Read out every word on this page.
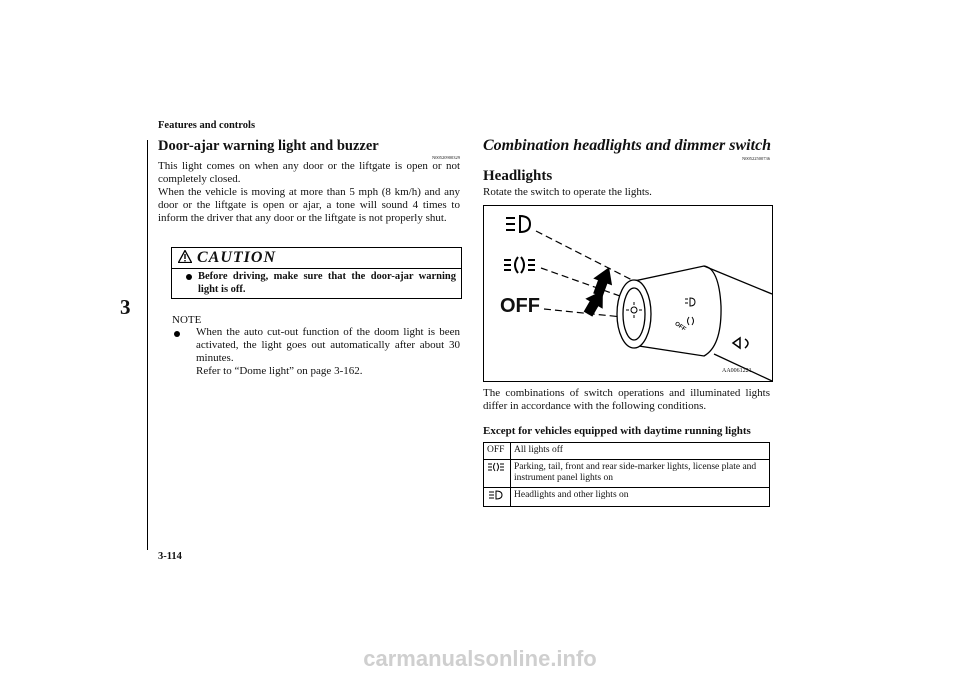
Features and controls
3
3-114
Door-ajar warning light and buzzer
N00520900329
This light comes on when any door or the liftgate is open or not completely closed.
When the vehicle is moving at more than 5 mph (8 km/h) and any door or the liftgate is open or ajar, a tone will sound 4 times to inform the driver that any door or the liftgate is not properly shut.
CAUTION
Before driving, make sure that the door-ajar warning light is off.
NOTE
When the auto cut-out function of the doom light is been activated, the light goes out automatically after about 30 minutes.
Refer to “Dome light” on page 3-162.
Combination headlights and dimmer switch
N00522500736
Headlights
Rotate the switch to operate the lights.
OFF
OFF
AA0061221
The combinations of switch operations and illuminated lights differ in accordance with the following conditions.
Except for vehicles equipped with daytime running lights
OFF	All lights off
	Parking, tail, front and rear side-marker lights, license plate and instrument panel lights on
	Headlights and other lights on
carmanualsonline.info
